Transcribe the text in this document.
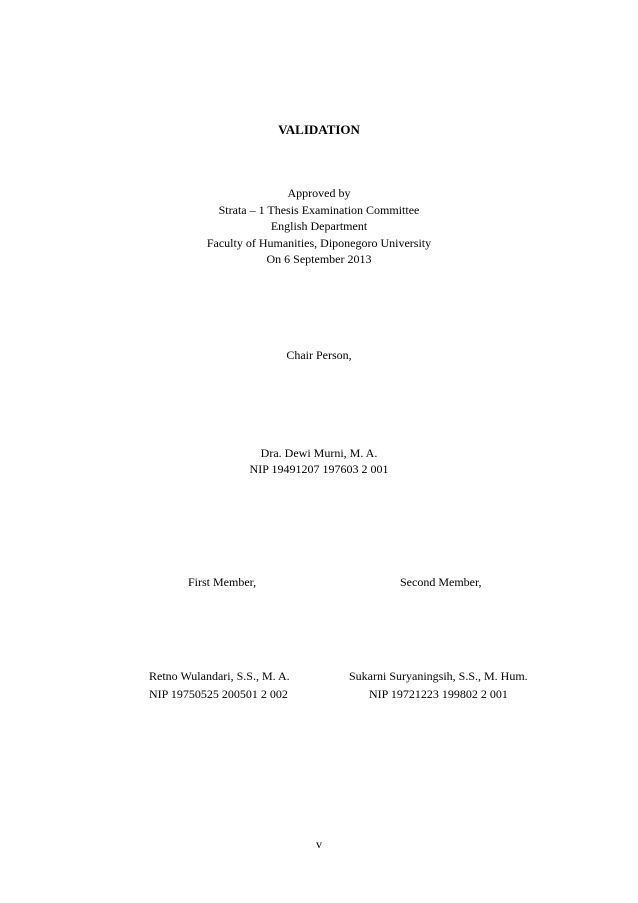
VALIDATION
Approved by
Strata – 1 Thesis Examination Committee
English Department
Faculty of Humanities, Diponegoro University
On 6 September 2013
Chair Person,
Dra. Dewi Murni, M. A.
NIP 19491207 197603 2 001
First Member,	Second Member,
Retno Wulandari, S.S., M. A.
NIP 19750525 200501 2 002
Sukarni Suryaningsih, S.S., M. Hum.
NIP 19721223 199802 2 001
v
